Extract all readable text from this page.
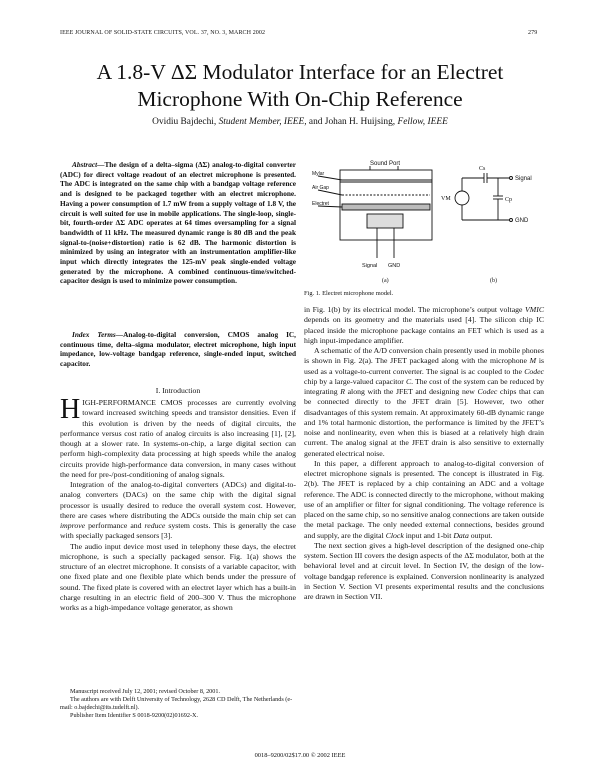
IEEE JOURNAL OF SOLID-STATE CIRCUITS, VOL. 37, NO. 3, MARCH 2002	279
A 1.8-V ΔΣ Modulator Interface for an Electret
Microphone With On-Chip Reference
Ovidiu Bajdechi, Student Member, IEEE, and Johan H. Huijsing, Fellow, IEEE
Abstract—The design of a delta–sigma (ΔΣ) analog-to-digital converter (ADC) for direct voltage readout of an electret microphone is presented. The ADC is integrated on the same chip with a bandgap voltage reference and is designed to be packaged together with an electret microphone. Having a power consumption of 1.7 mW from a supply voltage of 1.8 V, the circuit is well suited for use in mobile applications. The single-loop, single-bit, fourth-order ΔΣ ADC operates at 64 times oversampling for a signal bandwidth of 11 kHz. The measured dynamic range is 80 dB and the peak signal-to-(noise+distortion) ratio is 62 dB. The harmonic distortion is minimized by using an integrator with an instrumentation amplifier-like input which directly integrates the 125-mV peak single-ended voltage generated by the microphone. A combined continuous-time/switched-capacitor design is used to minimize power consumption.
Index Terms—Analog-to-digital conversion, CMOS analog IC, continuous time, delta–sigma modulator, electret microphone, high input impedance, low-voltage bandgap reference, single-ended input, switched capacitor.
I. Introduction

HIGH-PERFORMANCE CMOS processes are currently evolving toward increased switching speeds and transistor densities. Even if this evolution is driven by the needs of digital circuits, the performance versus cost ratio of analog circuits is also increasing [1], [2], though at a slower rate. In systems-on-chip, a large digital section can perform high-complexity data processing at high speeds while the analog circuits provide high-performance data conversion, in many cases without the need for pre-/post-conditioning of analog signals.

Integration of the analog-to-digital converters (ADCs) and digital-to-analog converters (DACs) on the same chip with the digital signal processor is usually desired to reduce the overall system cost. However, there are cases where distributing the ADCs outside the main chip set can improve performance and reduce system costs. This is generally the case with specially packaged sensors [3].

The audio input device most used in telephony these days, the electret microphone, is such a specially packaged sensor. Fig. 1(a) shows the structure of an electret microphone. It consists of a variable capacitor, with one fixed plate and one flexible plate which bends under the pressure of sound. The fixed plate is covered with an electret layer which has a built-in charge resulting in an electric field of 200–300 V. Thus the microphone works as a high-impedance voltage generator, as shown

Manuscript received July 12, 2001; revised October 8, 2001.

The authors are with Delft University of Technology, 2628 CD Delft, The Netherlands (e-mail: o.bajdechi@its.tudelft.nl).

Publisher Item Identifier S 0018-9200(02)01692-X.

Sound Port
Mylar
Air Gap
Electret
Signal GND
(a)
Cs
Signal
Cp
GND
VM
(b)
Fig. 1. Electret microphone model.

in Fig. 1(b) by its electrical model. The microphone’s output voltage VMIC depends on its geometry and the materials used [4]. The silicon chip IC placed inside the microphone package contains an FET which is used as a high input-impedance amplifier.

A schematic of the A/D conversion chain presently used in mobile phones is shown in Fig. 2(a). The JFET packaged along with the microphone M is used as a voltage-to-current converter. The signal is ac coupled to the Codec chip by a large-valued capacitor C. The cost of the system can be reduced by integrating R along with the JFET and designing new Codec chips that can be connected directly to the JFET drain [5]. However, two other disadvantages of this system remain. At approximately 60-dB dynamic range and 1% total harmonic distortion, the performance is limited by the JFET’s noise and nonlinearity, even when this is biased at a relatively high drain current. The analog signal at the JFET drain is also sensitive to externally generated electrical noise.

In this paper, a different approach to analog-to-digital conversion of electret microphone signals is presented. The concept is illustrated in Fig. 2(b). The JFET is replaced by a chip containing an ADC and a voltage reference. The ADC is connected directly to the microphone, without making use of an amplifier or filter for signal conditioning. The voltage reference is placed on the same chip, so no sensitive analog connections are taken outside the metal package. The only needed external connections, besides ground and supply, are the digital Clock input and 1-bit Data output.

The next section gives a high-level description of the designed one-chip system. Section III covers the design aspects of the ΔΣ modulator, both at the behavioral level and at circuit level. In Section IV, the design of the low-voltage bandgap reference is explained. Conversion nonlinearity is analyzed in Section V. Section VI presents experimental results and the conclusions are drawn in Section VII.

0018–9200/02$17.00 © 2002 IEEE
